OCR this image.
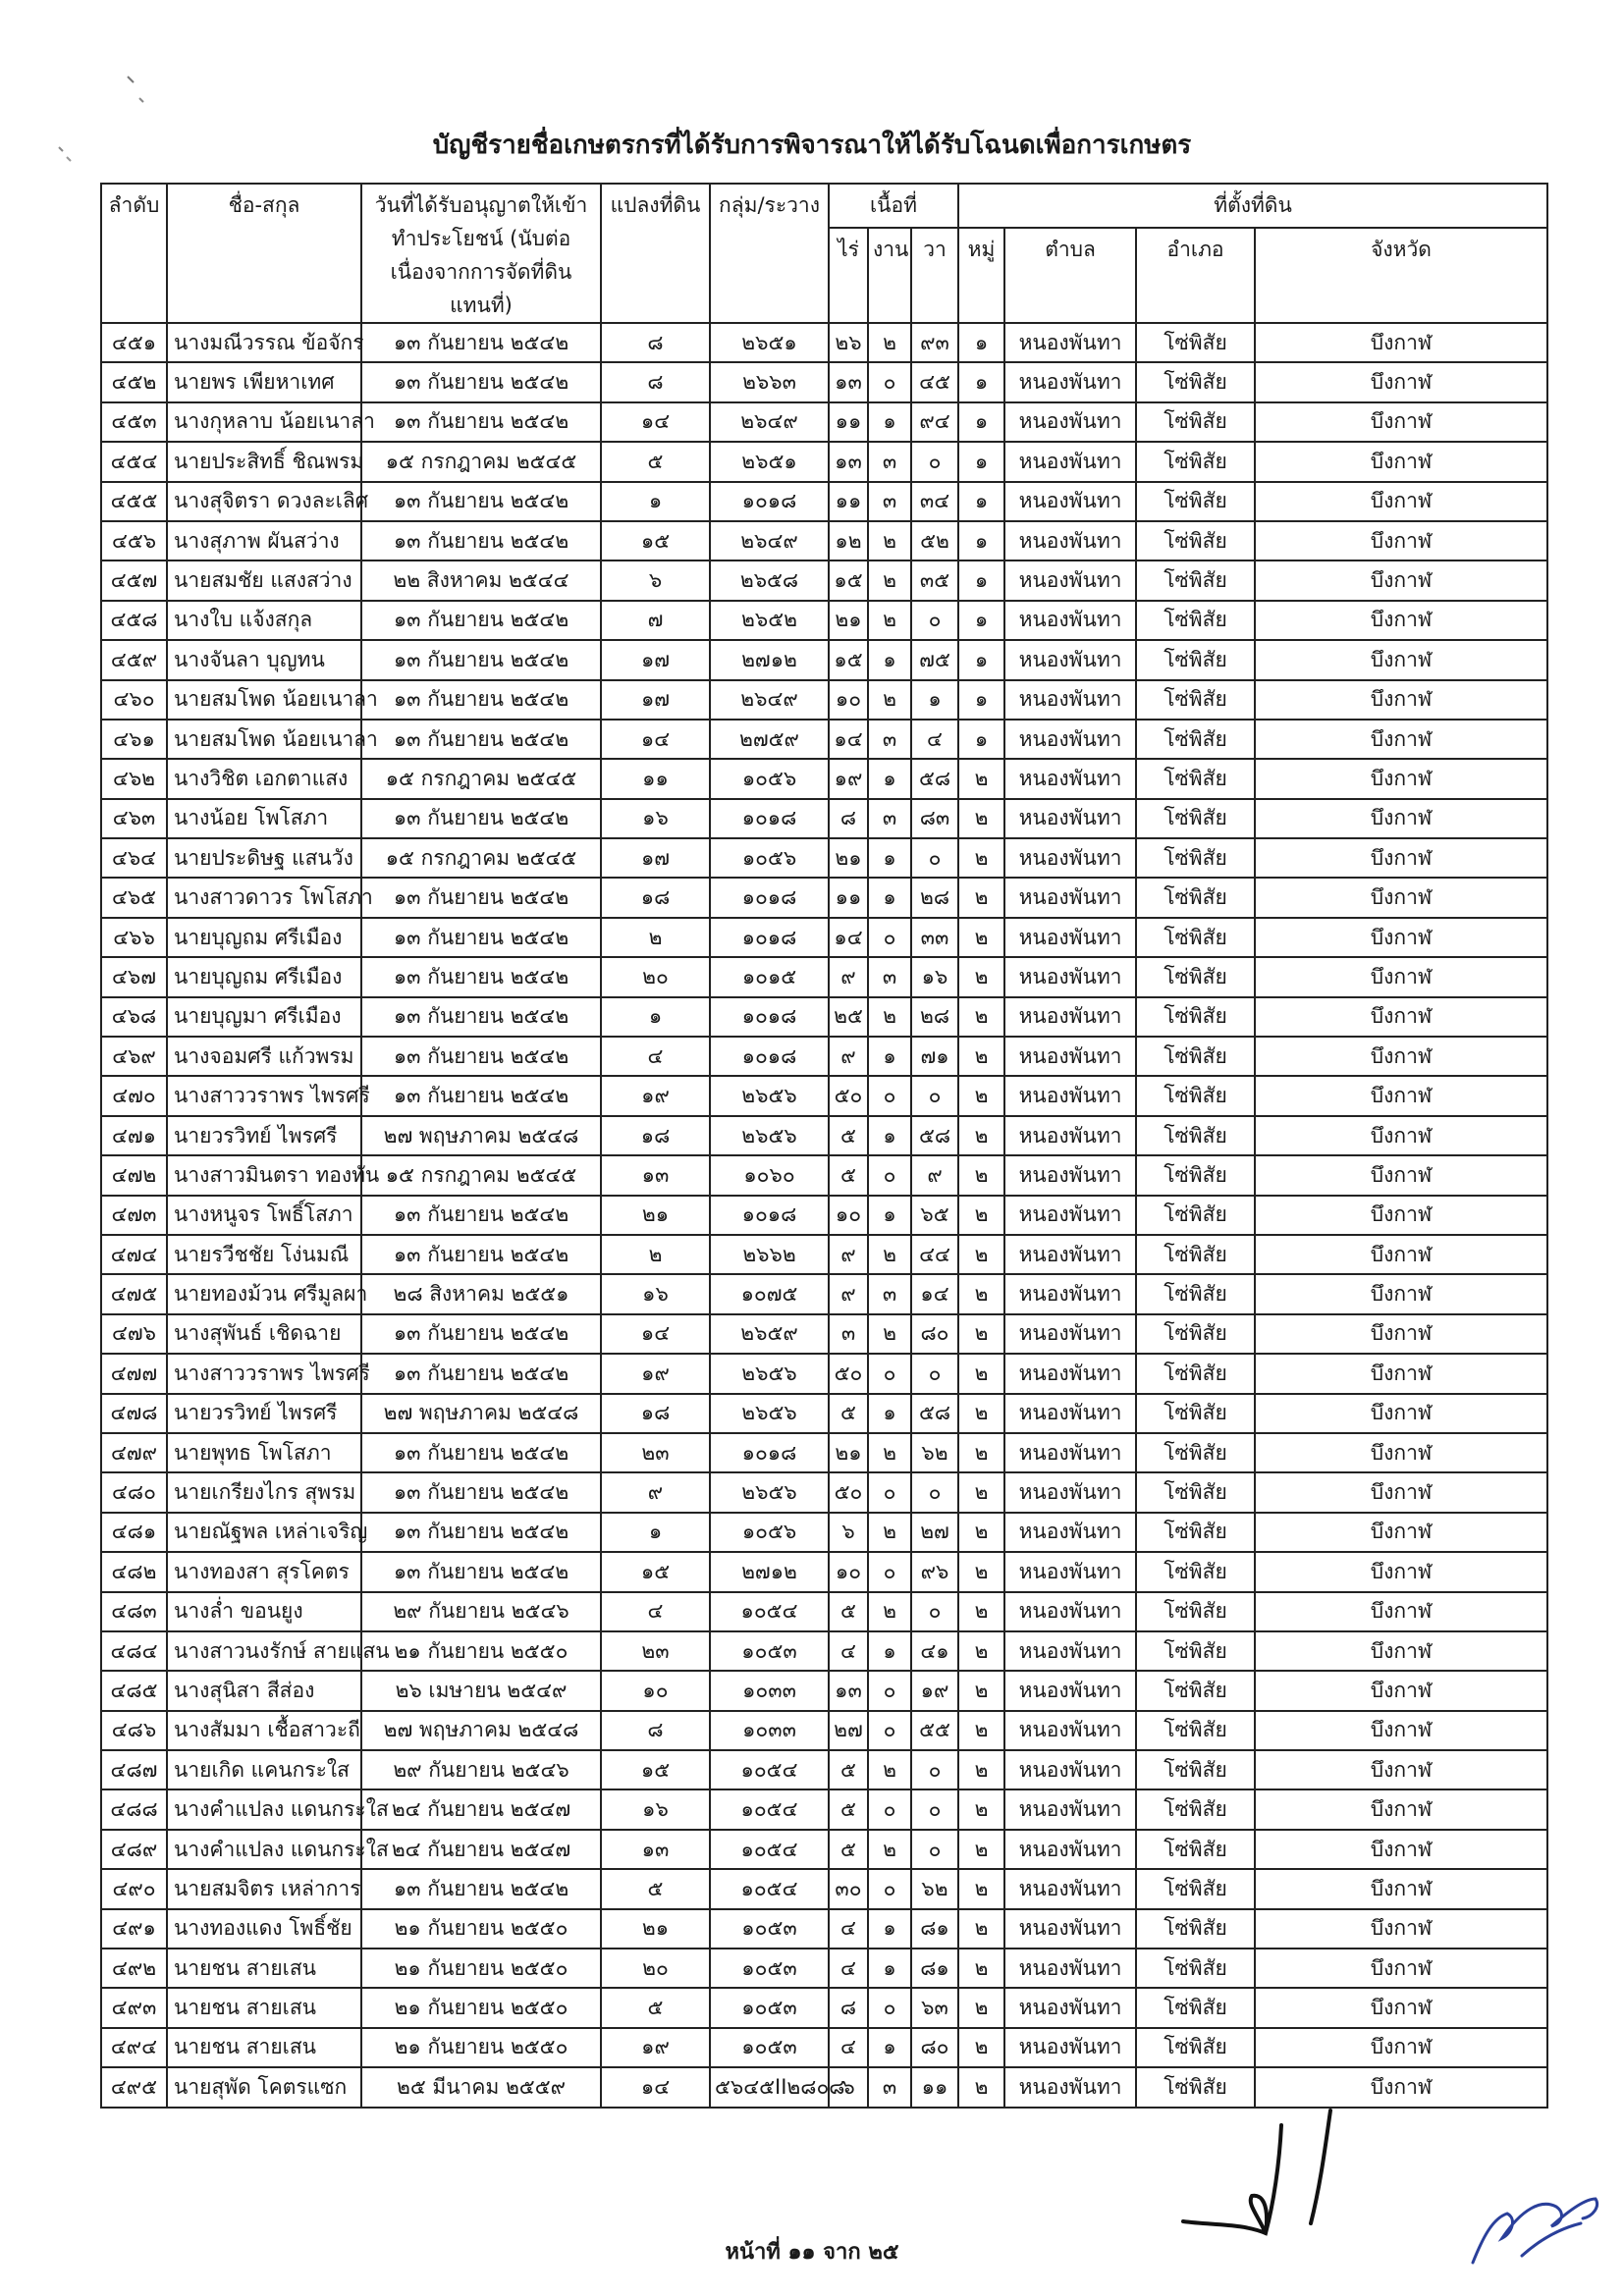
บัญชีรายชื่อเกษตรกรที่ได้รับการพิจารณาให้ได้รับโฉนดเพื่อการเกษตร
ลำดับ	ชื่อ-สกุล	วันที่ได้รับอนุญาตให้เข้าทำประโยชน์ (นับต่อเนื่องจากการจัดที่ดินแทนที่)	แปลงที่ดิน	กลุ่ม/ระวาง	เนื้อที่			ที่ตั้งที่ดิน			
					ไร่	งาน	วา	หมู่	ตำบล	อำเภอ	จังหวัด
๔๕๑	นางมณีวรรณ ข้อจักร	๑๓ กันยายน ๒๕๔๒	๘	๒๖๕๑	๒๖	๒	๙๓	๑	หนองพันทา	โซ่พิสัย	บึงกาฬ
๔๕๒	นายพร เพียหาเทศ	๑๓ กันยายน ๒๕๔๒	๘	๒๖๖๓	๑๓	๐	๔๕	๑	หนองพันทา	โซ่พิสัย	บึงกาฬ
๔๕๓	นางกุหลาบ น้อยเนาลา	๑๓ กันยายน ๒๕๔๒	๑๔	๒๖๔๙	๑๑	๑	๙๔	๑	หนองพันทา	โซ่พิสัย	บึงกาฬ
๔๕๔	นายประสิทธิ์ ชิณพรม	๑๕ กรกฎาคม ๒๕๔๕	๕	๒๖๕๑	๑๓	๓	๐	๑	หนองพันทา	โซ่พิสัย	บึงกาฬ
๔๕๕	นางสุจิตรา ดวงละเลิศ	๑๓ กันยายน ๒๕๔๒	๑	๑๐๑๘	๑๑	๓	๓๔	๑	หนองพันทา	โซ่พิสัย	บึงกาฬ
๔๕๖	นางสุภาพ ผันสว่าง	๑๓ กันยายน ๒๕๔๒	๑๕	๒๖๔๙	๑๒	๒	๕๒	๑	หนองพันทา	โซ่พิสัย	บึงกาฬ
๔๕๗	นายสมชัย แสงสว่าง	๒๒ สิงหาคม ๒๕๔๔	๖	๒๖๕๘	๑๕	๒	๓๕	๑	หนองพันทา	โซ่พิสัย	บึงกาฬ
๔๕๘	นางใบ แจ้งสกุล	๑๓ กันยายน ๒๕๔๒	๗	๒๖๕๒	๒๑	๒	๐	๑	หนองพันทา	โซ่พิสัย	บึงกาฬ
๔๕๙	นางจันลา บุญทน	๑๓ กันยายน ๒๕๔๒	๑๗	๒๗๑๒	๑๕	๑	๗๕	๑	หนองพันทา	โซ่พิสัย	บึงกาฬ
๔๖๐	นายสมโพด น้อยเนาลา	๑๓ กันยายน ๒๕๔๒	๑๗	๒๖๔๙	๑๐	๒	๑	๑	หนองพันทา	โซ่พิสัย	บึงกาฬ
๔๖๑	นายสมโพด น้อยเนาลา	๑๓ กันยายน ๒๕๔๒	๑๔	๒๗๕๙	๑๔	๓	๔	๑	หนองพันทา	โซ่พิสัย	บึงกาฬ
๔๖๒	นางวิชิต เอกตาแสง	๑๕ กรกฎาคม ๒๕๔๕	๑๑	๑๐๕๖	๑๙	๑	๕๘	๒	หนองพันทา	โซ่พิสัย	บึงกาฬ
๔๖๓	นางน้อย โพโสภา	๑๓ กันยายน ๒๕๔๒	๑๖	๑๐๑๘	๘	๓	๘๓	๒	หนองพันทา	โซ่พิสัย	บึงกาฬ
๔๖๔	นายประดิษฐ แสนวัง	๑๕ กรกฎาคม ๒๕๔๕	๑๗	๑๐๕๖	๒๑	๑	๐	๒	หนองพันทา	โซ่พิสัย	บึงกาฬ
๔๖๕	นางสาวดาวร โพโสภา	๑๓ กันยายน ๒๕๔๒	๑๘	๑๐๑๘	๑๑	๑	๒๘	๒	หนองพันทา	โซ่พิสัย	บึงกาฬ
๔๖๖	นายบุญถม ศรีเมือง	๑๓ กันยายน ๒๕๔๒	๒	๑๐๑๘	๑๔	๐	๓๓	๒	หนองพันทา	โซ่พิสัย	บึงกาฬ
๔๖๗	นายบุญถม ศรีเมือง	๑๓ กันยายน ๒๕๔๒	๒๐	๑๐๑๕	๙	๓	๑๖	๒	หนองพันทา	โซ่พิสัย	บึงกาฬ
๔๖๘	นายบุญมา ศรีเมือง	๑๓ กันยายน ๒๕๔๒	๑	๑๐๑๘	๒๕	๒	๒๘	๒	หนองพันทา	โซ่พิสัย	บึงกาฬ
๔๖๙	นางจอมศรี แก้วพรม	๑๓ กันยายน ๒๕๔๒	๔	๑๐๑๘	๙	๑	๗๑	๒	หนองพันทา	โซ่พิสัย	บึงกาฬ
๔๗๐	นางสาววราพร ไพรศรี	๑๓ กันยายน ๒๕๔๒	๑๙	๒๖๕๖	๕๐	๐	๐	๒	หนองพันทา	โซ่พิสัย	บึงกาฬ
๔๗๑	นายวรวิทย์ ไพรศรี	๒๗ พฤษภาคม ๒๕๔๘	๑๘	๒๖๕๖	๕	๑	๕๘	๒	หนองพันทา	โซ่พิสัย	บึงกาฬ
๔๗๒	นางสาวมินตรา ทองทัน	๑๕ กรกฎาคม ๒๕๔๕	๑๓	๑๐๖๐	๕	๐	๙	๒	หนองพันทา	โซ่พิสัย	บึงกาฬ
๔๗๓	นางหนูจร โพธิ์โสภา	๑๓ กันยายน ๒๕๔๒	๒๑	๑๐๑๘	๑๐	๑	๖๕	๒	หนองพันทา	โซ่พิสัย	บึงกาฬ
๔๗๔	นายรวีชชัย โง่นมณี	๑๓ กันยายน ๒๕๔๒	๒	๒๖๖๒	๙	๒	๔๔	๒	หนองพันทา	โซ่พิสัย	บึงกาฬ
๔๗๕	นายทองม้วน ศรีมูลผา	๒๘ สิงหาคม ๒๕๕๑	๑๖	๑๐๗๕	๙	๓	๑๔	๒	หนองพันทา	โซ่พิสัย	บึงกาฬ
๔๗๖	นางสุพันธ์ เชิดฉาย	๑๓ กันยายน ๒๕๔๒	๑๔	๒๖๕๙	๓	๒	๘๐	๒	หนองพันทา	โซ่พิสัย	บึงกาฬ
๔๗๗	นางสาววราพร ไพรศรี	๑๓ กันยายน ๒๕๔๒	๑๙	๒๖๕๖	๕๐	๐	๐	๒	หนองพันทา	โซ่พิสัย	บึงกาฬ
๔๗๘	นายวรวิทย์ ไพรศรี	๒๗ พฤษภาคม ๒๕๔๘	๑๘	๒๖๕๖	๕	๑	๕๘	๒	หนองพันทา	โซ่พิสัย	บึงกาฬ
๔๗๙	นายพุทธ โพโสภา	๑๓ กันยายน ๒๕๔๒	๒๓	๑๐๑๘	๒๑	๒	๖๒	๒	หนองพันทา	โซ่พิสัย	บึงกาฬ
๔๘๐	นายเกรียงไกร สุพรม	๑๓ กันยายน ๒๕๔๒	๙	๒๖๕๖	๕๐	๐	๐	๒	หนองพันทา	โซ่พิสัย	บึงกาฬ
๔๘๑	นายณัฐพล เหล่าเจริญ	๑๓ กันยายน ๒๕๔๒	๑	๑๐๕๖	๖	๒	๒๗	๒	หนองพันทา	โซ่พิสัย	บึงกาฬ
๔๘๒	นางทองสา สุรโคตร	๑๓ กันยายน ๒๕๔๒	๑๕	๒๗๑๒	๑๐	๐	๙๖	๒	หนองพันทา	โซ่พิสัย	บึงกาฬ
๔๘๓	นางล่ำ ขอนยูง	๒๙ กันยายน ๒๕๔๖	๔	๑๐๕๔	๕	๒	๐	๒	หนองพันทา	โซ่พิสัย	บึงกาฬ
๔๘๔	นางสาวนงรักษ์ สายแสน	๒๑ กันยายน ๒๕๕๐	๒๓	๑๐๕๓	๔	๑	๔๑	๒	หนองพันทา	โซ่พิสัย	บึงกาฬ
๔๘๕	นางสุนิสา สีส่อง	๒๖ เมษายน ๒๕๔๙	๑๐	๑๐๓๓	๑๓	๐	๑๙	๒	หนองพันทา	โซ่พิสัย	บึงกาฬ
๔๘๖	นางสัมมา เชื้อสาวะถี	๒๗ พฤษภาคม ๒๕๔๘	๘	๑๐๓๓	๒๗	๐	๕๕	๒	หนองพันทา	โซ่พิสัย	บึงกาฬ
๔๘๗	นายเกิด แคนกระใส	๒๙ กันยายน ๒๕๔๖	๑๕	๑๐๕๔	๕	๒	๐	๒	หนองพันทา	โซ่พิสัย	บึงกาฬ
๔๘๘	นางคำแปลง แดนกระใส	๒๔ กันยายน ๒๕๔๗	๑๖	๑๐๕๔	๕	๐	๐	๒	หนองพันทา	โซ่พิสัย	บึงกาฬ
๔๘๙	นางคำแปลง แดนกระใส	๒๔ กันยายน ๒๕๔๗	๑๓	๑๐๕๔	๕	๒	๐	๒	หนองพันทา	โซ่พิสัย	บึงกาฬ
๔๙๐	นายสมจิตร เหล่าการ	๑๓ กันยายน ๒๕๔๒	๕	๑๐๕๔	๓๐	๐	๖๒	๒	หนองพันทา	โซ่พิสัย	บึงกาฬ
๔๙๑	นางทองแดง โพธิ์ชัย	๒๑ กันยายน ๒๕๕๐	๒๑	๑๐๕๓	๔	๑	๘๑	๒	หนองพันทา	โซ่พิสัย	บึงกาฬ
๔๙๒	นายชน สายเสน	๒๑ กันยายน ๒๕๕๐	๒๐	๑๐๕๓	๔	๑	๘๑	๒	หนองพันทา	โซ่พิสัย	บึงกาฬ
๔๙๓	นายชน สายเสน	๒๑ กันยายน ๒๕๕๐	๕	๑๐๕๓	๘	๐	๖๓	๒	หนองพันทา	โซ่พิสัย	บึงกาฬ
๔๙๔	นายชน สายเสน	๒๑ กันยายน ๒๕๕๐	๑๙	๑๐๕๓	๔	๑	๘๐	๒	หนองพันทา	โซ่พิสัย	บึงกาฬ
๔๙๕	นายสุพัด โคตรแซก	๒๕ มีนาคม ๒๕๕๙	๑๔	๕๖๔๕II๒๘๐๘	๖	๓	๑๑	๒	หนองพันทา	โซ่พิสัย	บึงกาฬ
หน้าที่ ๑๑ จาก ๒๕
